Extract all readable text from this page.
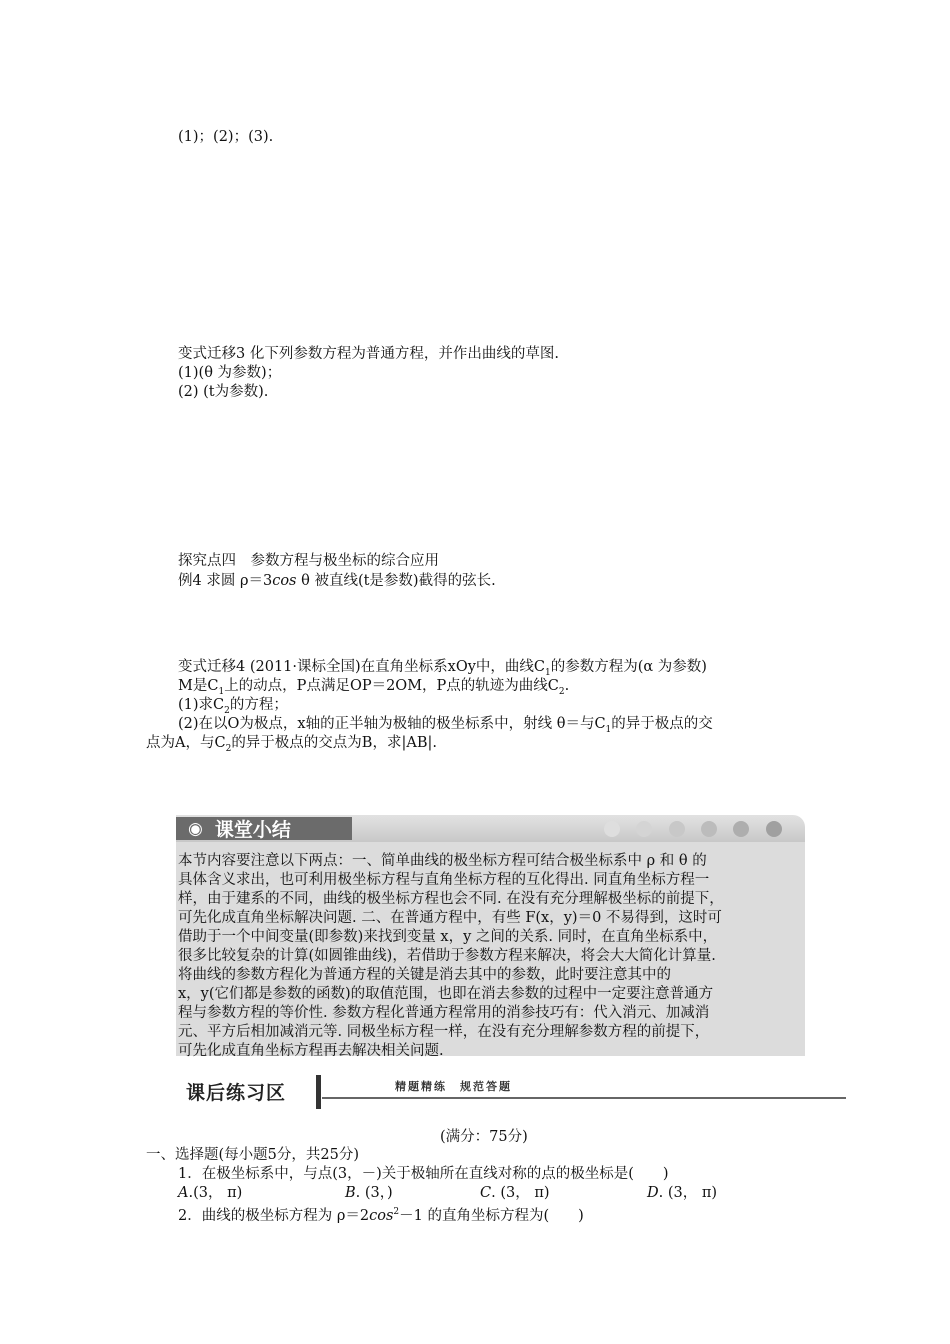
(1)；(2)；(3).
变式迁移3 化下列参数方程为普通方程，并作出曲线的草图.
(1)(θ 为参数)；
(2) (t为参数).
探究点四　参数方程与极坐标的综合应用
例4 求圆 ρ＝3cos θ 被直线(t是参数)截得的弦长.
变式迁移4 (2011·课标全国)在直角坐标系xOy中，曲线$C_1$的参数方程为(α 为参数)
M是$C_1$上的动点，P点满足OP＝2OM，P点的轨迹为曲线$C_2$.
(1)求$C_2$的方程；
(2)在以O为极点，x轴的正半轴为极轴的极坐标系中，射线 θ＝与$C_1$的异于极点的交
点为A，与$C_2$的异于极点的交点为B，求|AB|.
◉ 课堂小结
本节内容要注意以下两点：一、简单曲线的极坐标方程可结合极坐标系中 ρ 和 θ 的
具体含义求出，也可利用极坐标方程与直角坐标方程的互化得出. 同直角坐标方程一
样，由于建系的不同，曲线的极坐标方程也会不同. 在没有充分理解极坐标的前提下，
可先化成直角坐标解决问题. 二、在普通方程中，有些 F(x，y)＝0 不易得到，这时可
借助于一个中间变量(即参数)来找到变量 x，y 之间的关系. 同时，在直角坐标系中，
很多比较复杂的计算(如圆锥曲线)，若借助于参数方程来解决，将会大大简化计算量.
将曲线的参数方程化为普通方程的关键是消去其中的参数，此时要注意其中的
x，y(它们都是参数的函数)的取值范围，也即在消去参数的过程中一定要注意普通方
程与参数方程的等价性. 参数方程化普通方程常用的消参技巧有：代入消元、加减消
元、平方后相加减消元等. 同极坐标方程一样，在没有充分理解参数方程的前提下，
可先化成直角坐标方程再去解决相关问题.
课后练习区	精题精练　规范答题
(满分：75分)
一、选择题(每小题5分，共25分)
1．在极坐标系中，与点(3，－)关于极轴所在直线对称的点的极坐标是(　　)
A.(3， π)	B. (3，)	C. (3， π)	D. (3， π)
2．曲线的极坐标方程为 $\rho=2\cos^2-1$ 的直角坐标方程为(　　)
